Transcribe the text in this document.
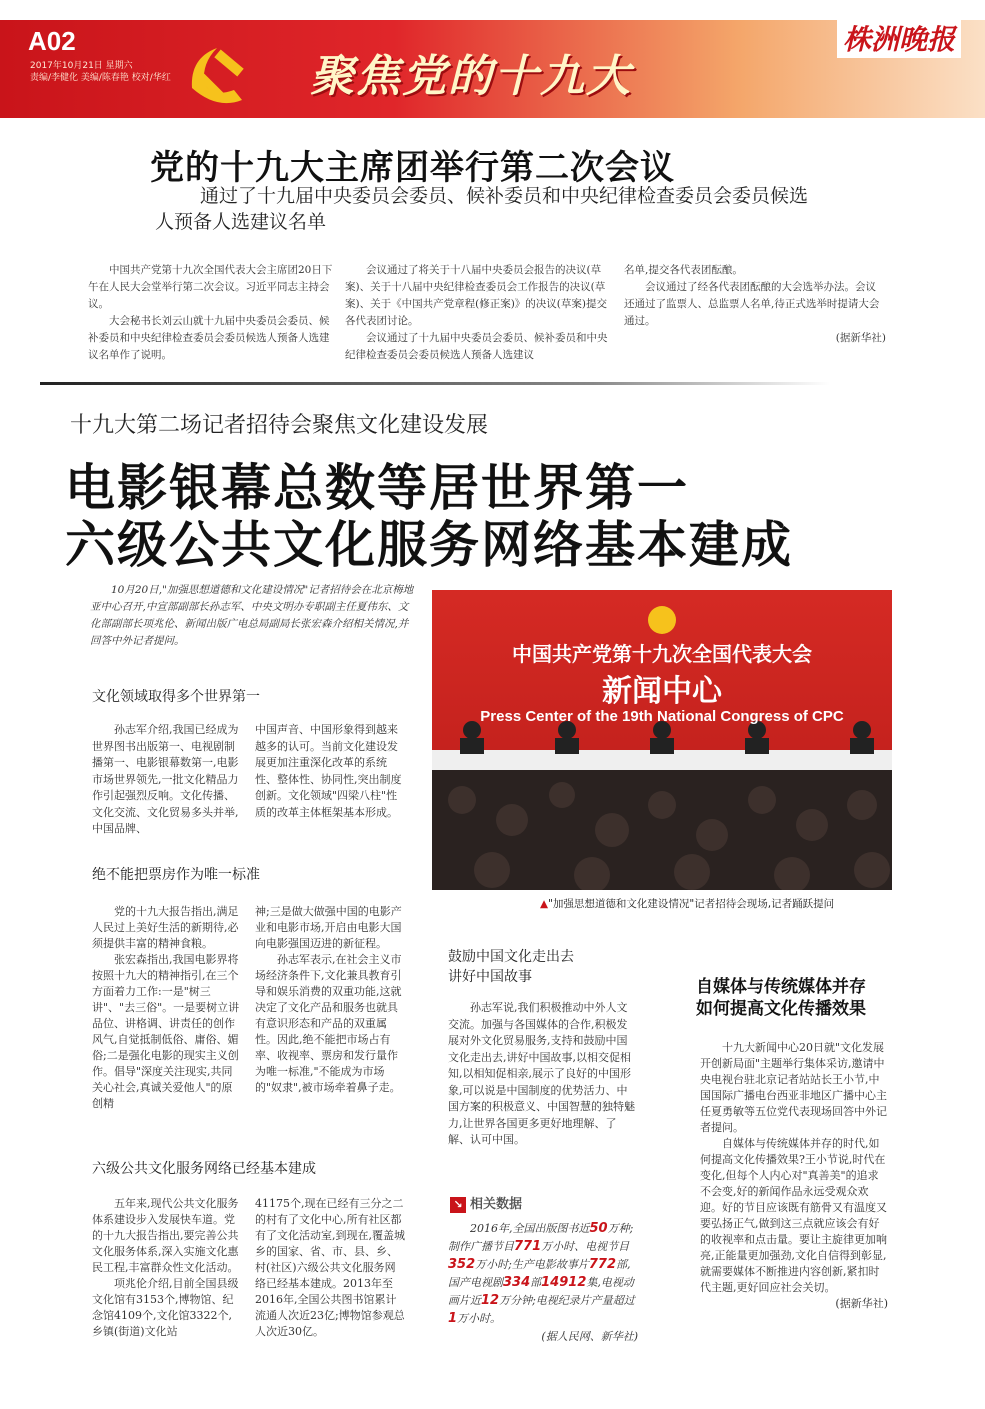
A02
2017年10月21日 星期六
责编/李健化 美编/陈春艳 校对/华红	聚焦党的十九大
株洲晚报
党的十九大主席团举行第二次会议
通过了十九届中央委员会委员、候补委员和中央纪律检查委员会委员候选人预备人选建议名单

中国共产党第十九次全国代表大会主席团20日下午在人民大会堂举行第二次会议。习近平同志主持会议。

大会秘书长刘云山就十九届中央委员会委员、候补委员和中央纪律检查委员会委员候选人预备人选建议名单作了说明。

会议通过了将关于十八届中央委员会报告的决议(草案)、关于十八届中央纪律检查委员会工作报告的决议(草案)、关于《中国共产党章程(修正案)》的决议(草案)提交各代表团讨论。

会议通过了十九届中央委员会委员、候补委员和中央纪律检查委员会委员候选人预备人选建议

名单,提交各代表团酝酿。

会议通过了经各代表团酝酿的大会选举办法。会议还通过了监票人、总监票人名单,待正式选举时提请大会通过。

(据新华社)

十九大第二场记者招待会聚焦文化建设发展
电影银幕总数等居世界第一
六级公共文化服务网络基本建成

10月20日,"加强思想道德和文化建设情况"记者招待会在北京梅地亚中心召开,中宣部副部长孙志军、中央文明办专职副主任夏伟东、文化部副部长项兆伦、新闻出版广电总局副局长张宏森介绍相关情况,并回答中外记者提问。

中国共产党第十九次全国代表大会
新闻中心
Press Center of the 19th National Congress of CPC
▲"加强思想道德和文化建设情况"记者招待会现场,记者踊跃提问
文化领域取得多个世界第一

孙志军介绍,我国已经成为世界图书出版第一、电视剧制播第一、电影银幕数第一,电影市场世界领先,一批文化精品力作引起强烈反响。文化传播、文化交流、文化贸易多头并举,中国品牌、

中国声音、中国形象得到越来越多的认可。当前文化建设发展更加注重深化改革的系统性、整体性、协同性,突出制度创新。文化领域"四梁八柱"性质的改革主体框架基本形成。

绝不能把票房作为唯一标准

党的十九大报告指出,满足人民过上美好生活的新期待,必须提供丰富的精神食粮。

张宏森指出,我国电影界将按照十九大的精神指引,在三个方面着力工作:一是"树三讲"、"去三俗"。一是要树立讲品位、讲格调、讲责任的创作风气,自觉抵制低俗、庸俗、媚俗;二是强化电影的现实主义创作。倡导"深度关注现实,共同关心社会,真诚关爱他人"的原创精

神;三是做大做强中国的电影产业和电影市场,开启由电影大国向电影强国迈进的新征程。

孙志军表示,在社会主义市场经济条件下,文化兼具教育引导和娱乐消费的双重功能,这就决定了文化产品和服务也就具有意识形态和产品的双重属性。因此,绝不能把市场占有率、收视率、票房和发行量作为唯一标准,"不能成为市场的"奴隶",被市场牵着鼻子走。

六级公共文化服务网络已经基本建成

五年来,现代公共文化服务体系建设步入发展快车道。党的十九大报告指出,要完善公共文化服务体系,深入实施文化惠民工程,丰富群众性文化活动。

项兆伦介绍,目前全国县级文化馆有3153个,博物馆、纪念馆4109个,文化馆3322个,乡镇(街道)文化站

41175个,现在已经有三分之二的村有了文化中心,所有社区都有了文化活动室,到现在,覆盖城乡的国家、省、市、县、乡、村(社区)六级公共文化服务网络已经基本建成。2013年至2016年,全国公共图书馆累计流通人次近23亿;博物馆参观总人次近30亿。

鼓励中国文化走出去
讲好中国故事

孙志军说,我们积极推动中外人文交流。加强与各国媒体的合作,积极发展对外文化贸易服务,支持和鼓励中国文化走出去,讲好中国故事,以相交促相知,以相知促相亲,展示了良好的中国形象,可以说是中国制度的优势活力、中国方案的积极意义、中国智慧的独特魅力,让世界各国更多更好地理解、了解、认可中国。

↘ 相关数据

2016年,全国出版图书近50万种;制作广播节目771万小时、电视节目352万小时;生产电影故事片772部,国产电视剧334部14912集,电视动画片近12万分钟;电视纪录片产量超过1万小时。

(据人民网、新华社)

自媒体与传统媒体并存
如何提高文化传播效果

十九大新闻中心20日就"文化发展开创新局面"主题举行集体采访,邀请中央电视台驻北京记者站站长王小节,中国国际广播电台西亚非地区广播中心主任夏勇敏等五位党代表现场回答中外记者提问。

自媒体与传统媒体并存的时代,如何提高文化传播效果?王小节说,时代在变化,但每个人内心对"真善美"的追求不会变,好的新闻作品永远受观众欢迎。好的节目应该既有筋骨又有温度又要弘扬正气,做到这三点就应该会有好的收视率和点击量。要让主旋律更加响亮,正能量更加强劲,文化自信得到彰显,就需要媒体不断推进内容创新,紧扣时代主题,更好回应社会关切。

(据新华社)
